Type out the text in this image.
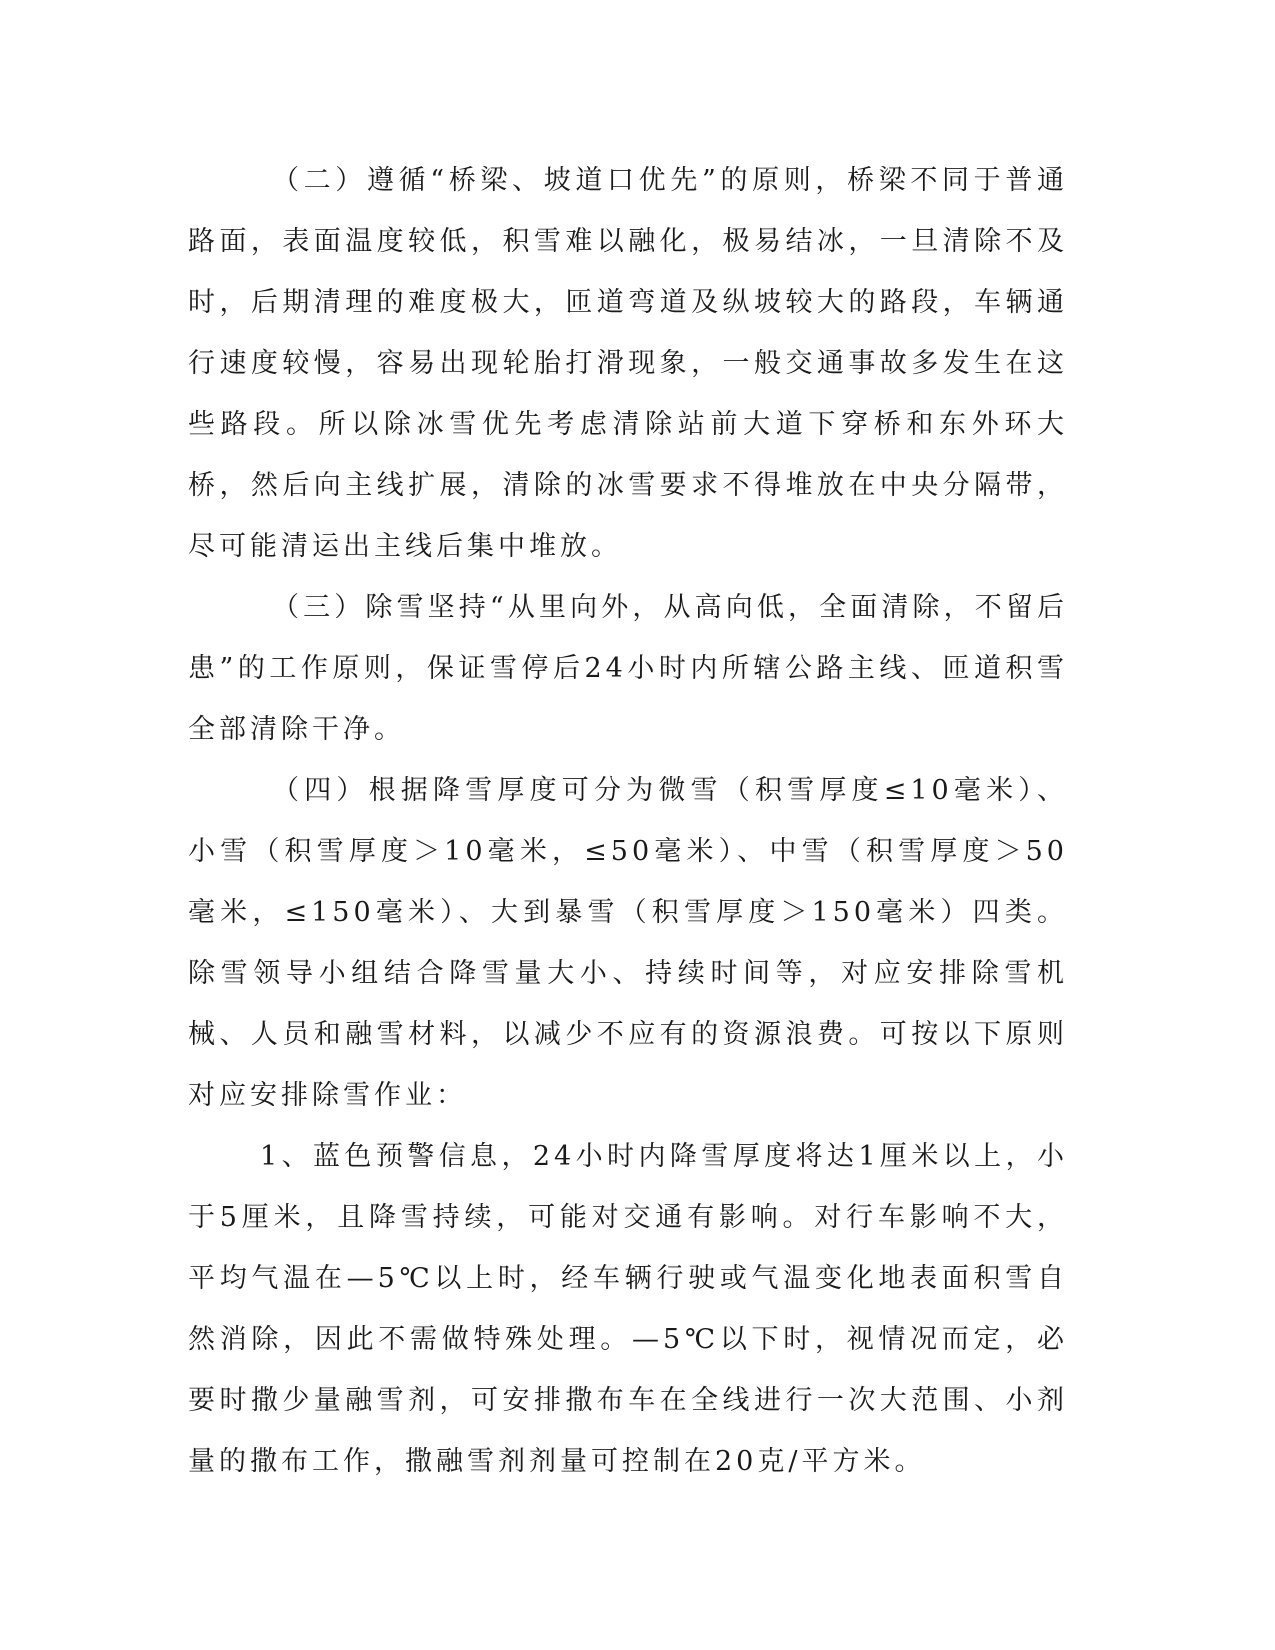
（二）遵循“桥梁、坡道口优先”的原则，桥梁不同于普通路面，表面温度较低，积雪难以融化，极易结冰，一旦清除不及时，后期清理的难度极大，匝道弯道及纵坡较大的路段，车辆通行速度较慢，容易出现轮胎打滑现象，一般交通事故多发生在这些路段。所以除冰雪优先考虑清除站前大道下穿桥和东外环大桥，然后向主线扩展，清除的冰雪要求不得堆放在中央分隔带，尽可能清运出主线后集中堆放。

（三）除雪坚持“从里向外，从高向低，全面清除，不留后患”的工作原则，保证雪停后24小时内所辖公路主线、匝道积雪全部清除干净。

（四）根据降雪厚度可分为微雪（积雪厚度≤10毫米）、小雪（积雪厚度＞10毫米，≤50毫米）、中雪（积雪厚度＞50毫米，≤150毫米）、大到暴雪（积雪厚度＞150毫米）四类。除雪领导小组结合降雪量大小、持续时间等，对应安排除雪机械、人员和融雪材料，以减少不应有的资源浪费。可按以下原则对应安排除雪作业：

1、蓝色预警信息，24小时内降雪厚度将达1厘米以上，小于5厘米，且降雪持续，可能对交通有影响。对行车影响不大，平均气温在—5℃以上时，经车辆行驶或气温变化地表面积雪自然消除，因此不需做特殊处理。—5℃以下时，视情况而定，必要时撒少量融雪剂，可安排撒布车在全线进行一次大范围、小剂量的撒布工作，撒融雪剂剂量可控制在20克/平方米。
